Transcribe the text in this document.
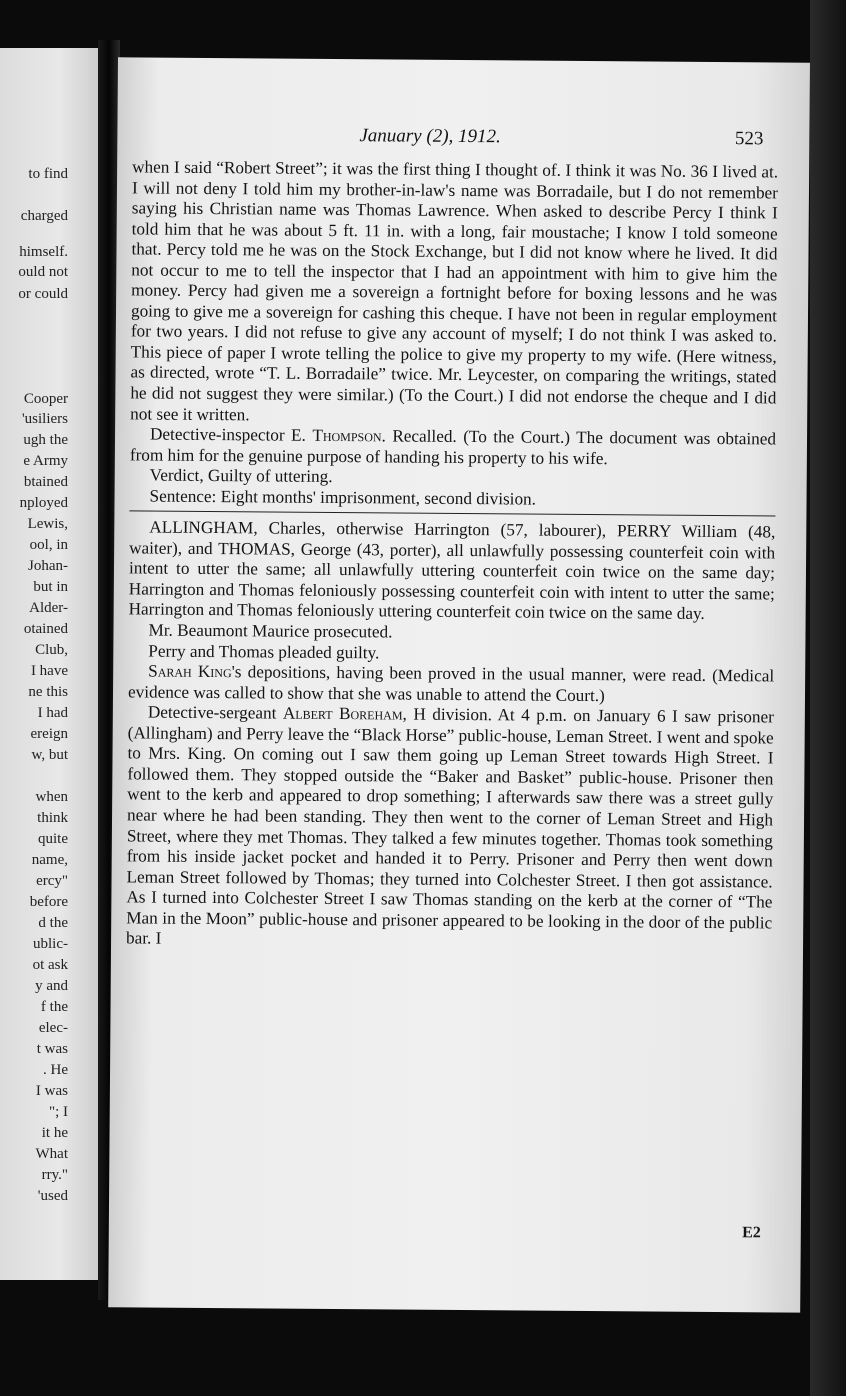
to find
charged
himself.
ould not
or could
Cooper
'usiliers
ugh the
e Army
btained
nployed
Lewis,
ool, in
Johan-
but in
Alder-
otained
Club,
I have
ne this
I had
ereign
w, but
when
think
quite
name,
ercy"
before
d the
ublic-
ot ask
y and
f the
elec-
t was
. He
I was
"; I
it he
What
rry."
'used
January (2), 1912.	523

when I said “Robert Street”; it was the first thing I thought of. I think it was No. 36 I lived at. I will not deny I told him my brother-in-law's name was Borradaile, but I do not remember saying his Christian name was Thomas Lawrence. When asked to describe Percy I think I told him that he was about 5 ft. 11 in. with a long, fair moustache; I know I told someone that. Percy told me he was on the Stock Exchange, but I did not know where he lived. It did not occur to me to tell the inspector that I had an appointment with him to give him the money. Percy had given me a sovereign a fortnight before for boxing lessons and he was going to give me a sovereign for cashing this cheque. I have not been in regular employment for two years. I did not refuse to give any account of myself; I do not think I was asked to. This piece of paper I wrote telling the police to give my property to my wife. (Here witness, as directed, wrote “T. L. Borradaile” twice. Mr. Leycester, on comparing the writings, stated he did not suggest they were similar.) (To the Court.) I did not endorse the cheque and I did not see it written.

Detective-inspector E. Thompson. Recalled. (To the Court.) The document was obtained from him for the genuine purpose of handing his property to his wife.

Verdict, Guilty of uttering.

Sentence: Eight months' imprisonment, second division.

ALLINGHAM, Charles, otherwise Harrington (57, labourer), PERRY William (48, waiter), and THOMAS, George (43, porter), all unlawfully possessing counterfeit coin with intent to utter the same; all unlawfully uttering counterfeit coin twice on the same day; Harrington and Thomas feloniously possessing counterfeit coin with intent to utter the same; Harrington and Thomas feloniously uttering counterfeit coin twice on the same day.

Mr. Beaumont Maurice prosecuted.

Perry and Thomas pleaded guilty.

Sarah King's depositions, having been proved in the usual manner, were read. (Medical evidence was called to show that she was unable to attend the Court.)

Detective-sergeant Albert Boreham, H division. At 4 p.m. on January 6 I saw prisoner (Allingham) and Perry leave the “Black Horse” public-house, Leman Street. I went and spoke to Mrs. King. On coming out I saw them going up Leman Street towards High Street. I followed them. They stopped outside the “Baker and Basket” public-house. Prisoner then went to the kerb and appeared to drop something; I afterwards saw there was a street gully near where he had been standing. They then went to the corner of Leman Street and High Street, where they met Thomas. They talked a few minutes together. Thomas took something from his inside jacket pocket and handed it to Perry. Prisoner and Perry then went down Leman Street followed by Thomas; they turned into Colchester Street. I then got assistance. As I turned into Colchester Street I saw Thomas standing on the kerb at the corner of “The Man in the Moon” public-house and prisoner appeared to be looking in the door of the public bar. I

E2
